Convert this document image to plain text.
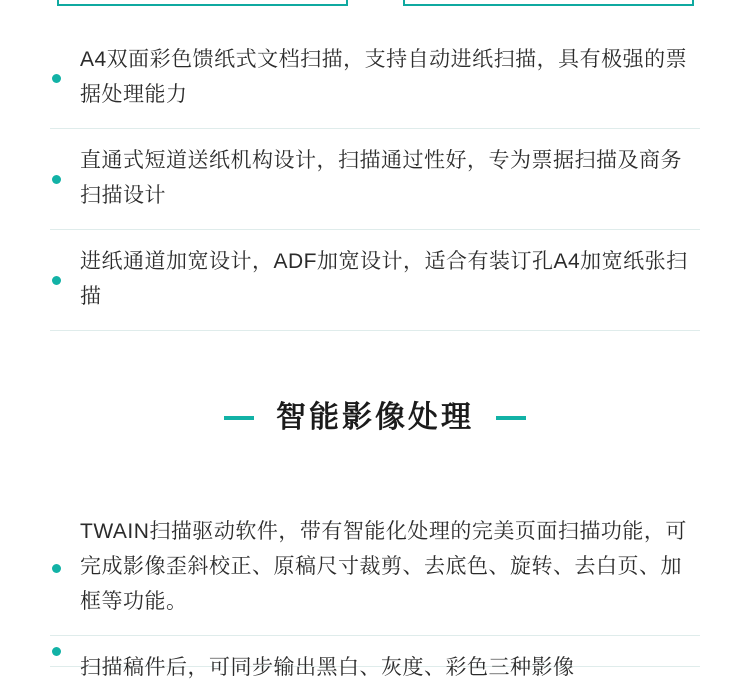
A4双面彩色馈纸式文档扫描，支持自动进纸扫描，具有极强的票据处理能力
直通式短道送纸机构设计，扫描通过性好，专为票据扫描及商务扫描设计
进纸通道加宽设计，ADF加宽设计，适合有装订孔A4加宽纸张扫描
智能影像处理
TWAIN扫描驱动软件，带有智能化处理的完美页面扫描功能，可完成影像歪斜校正、原稿尺寸裁剪、去底色、旋转、去白页、加框等功能。
扫描稿件后，可同步输出黑白、灰度、彩色三种影像
